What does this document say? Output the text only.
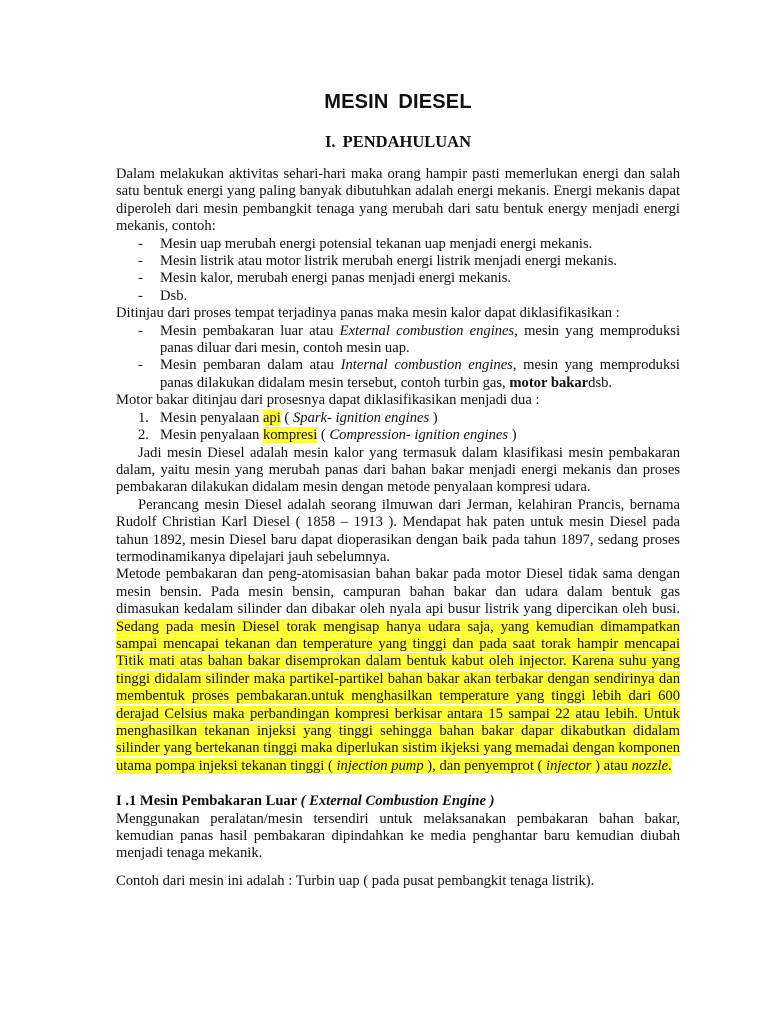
MESIN DIESEL
I. PENDAHULUAN

Dalam melakukan aktivitas sehari-hari maka orang hampir pasti memerlukan energi dan salah satu bentuk energi yang paling banyak dibutuhkan adalah energi mekanis. Energi mekanis dapat diperoleh dari mesin pembangkit tenaga yang merubah dari satu bentuk energy menjadi energi mekanis, contoh:

- Mesin uap merubah energi potensial tekanan uap menjadi energi mekanis.
- Mesin listrik atau motor listrik merubah energi listrik menjadi energi mekanis.
- Mesin kalor, merubah energi panas menjadi energi mekanis.
- Dsb.

Ditinjau dari proses tempat terjadinya panas maka mesin kalor dapat diklasifikasikan :

- Mesin pembakaran luar atau External combustion engines, mesin yang memproduksi panas diluar dari mesin, contoh mesin uap.
- Mesin pembaran dalam atau Internal combustion engines, mesin yang memproduksi panas dilakukan didalam mesin tersebut, contoh turbin gas, motor bakardsb.

Motor bakar ditinjau dari prosesnya dapat diklasifikasikan menjadi dua :

1. Mesin penyalaan api ( Spark- ignition engines )
2. Mesin penyalaan kompresi ( Compression- ignition engines )

Jadi mesin Diesel adalah mesin kalor yang termasuk dalam klasifikasi mesin pembakaran dalam, yaitu mesin yang merubah panas dari bahan bakar menjadi energi mekanis dan proses pembakaran dilakukan didalam mesin dengan metode penyalaan kompresi udara.

Perancang mesin Diesel adalah seorang ilmuwan dari Jerman, kelahiran Prancis, bernama Rudolf Christian Karl Diesel ( 1858 – 1913 ). Mendapat hak paten untuk mesin Diesel pada tahun 1892, mesin Diesel baru dapat dioperasikan dengan baik pada tahun 1897, sedang proses termodinamikanya dipelajari jauh sebelumnya.

Metode pembakaran dan peng-atomisasian bahan bakar pada motor Diesel tidak sama dengan mesin bensin. Pada mesin bensin, campuran bahan bakar dan udara dalam bentuk gas dimasukan kedalam silinder dan dibakar oleh nyala api busur listrik yang dipercikan oleh busi. Sedang pada mesin Diesel torak mengisap hanya udara saja, yang kemudian dimampatkan sampai mencapai tekanan dan temperature yang tinggi dan pada saat torak hampir mencapai Titik mati atas bahan bakar disemprokan dalam bentuk kabut oleh injector. Karena suhu yang tinggi didalam silinder maka partikel-partikel bahan bakar akan terbakar dengan sendirinya dan membentuk proses pembakaran.untuk menghasilkan temperature yang tinggi lebih dari 600 derajad Celsius maka perbandingan kompresi berkisar antara 15 sampai 22 atau lebih. Untuk menghasilkan tekanan injeksi yang tinggi sehingga bahan bakar dapar dikabutkan didalam silinder yang bertekanan tinggi maka diperlukan sistim ikjeksi yang memadai dengan komponen utama pompa injeksi tekanan tinggi ( injection pump ), dan penyemprot ( injector ) atau nozzle.

I .1 Mesin Pembakaran Luar ( External Combustion Engine )

Menggunakan peralatan/mesin tersendiri untuk melaksanakan pembakaran bahan bakar, kemudian panas hasil pembakaran dipindahkan ke media penghantar baru kemudian diubah menjadi tenaga mekanik.

Contoh dari mesin ini adalah : Turbin uap ( pada pusat pembangkit tenaga listrik).
